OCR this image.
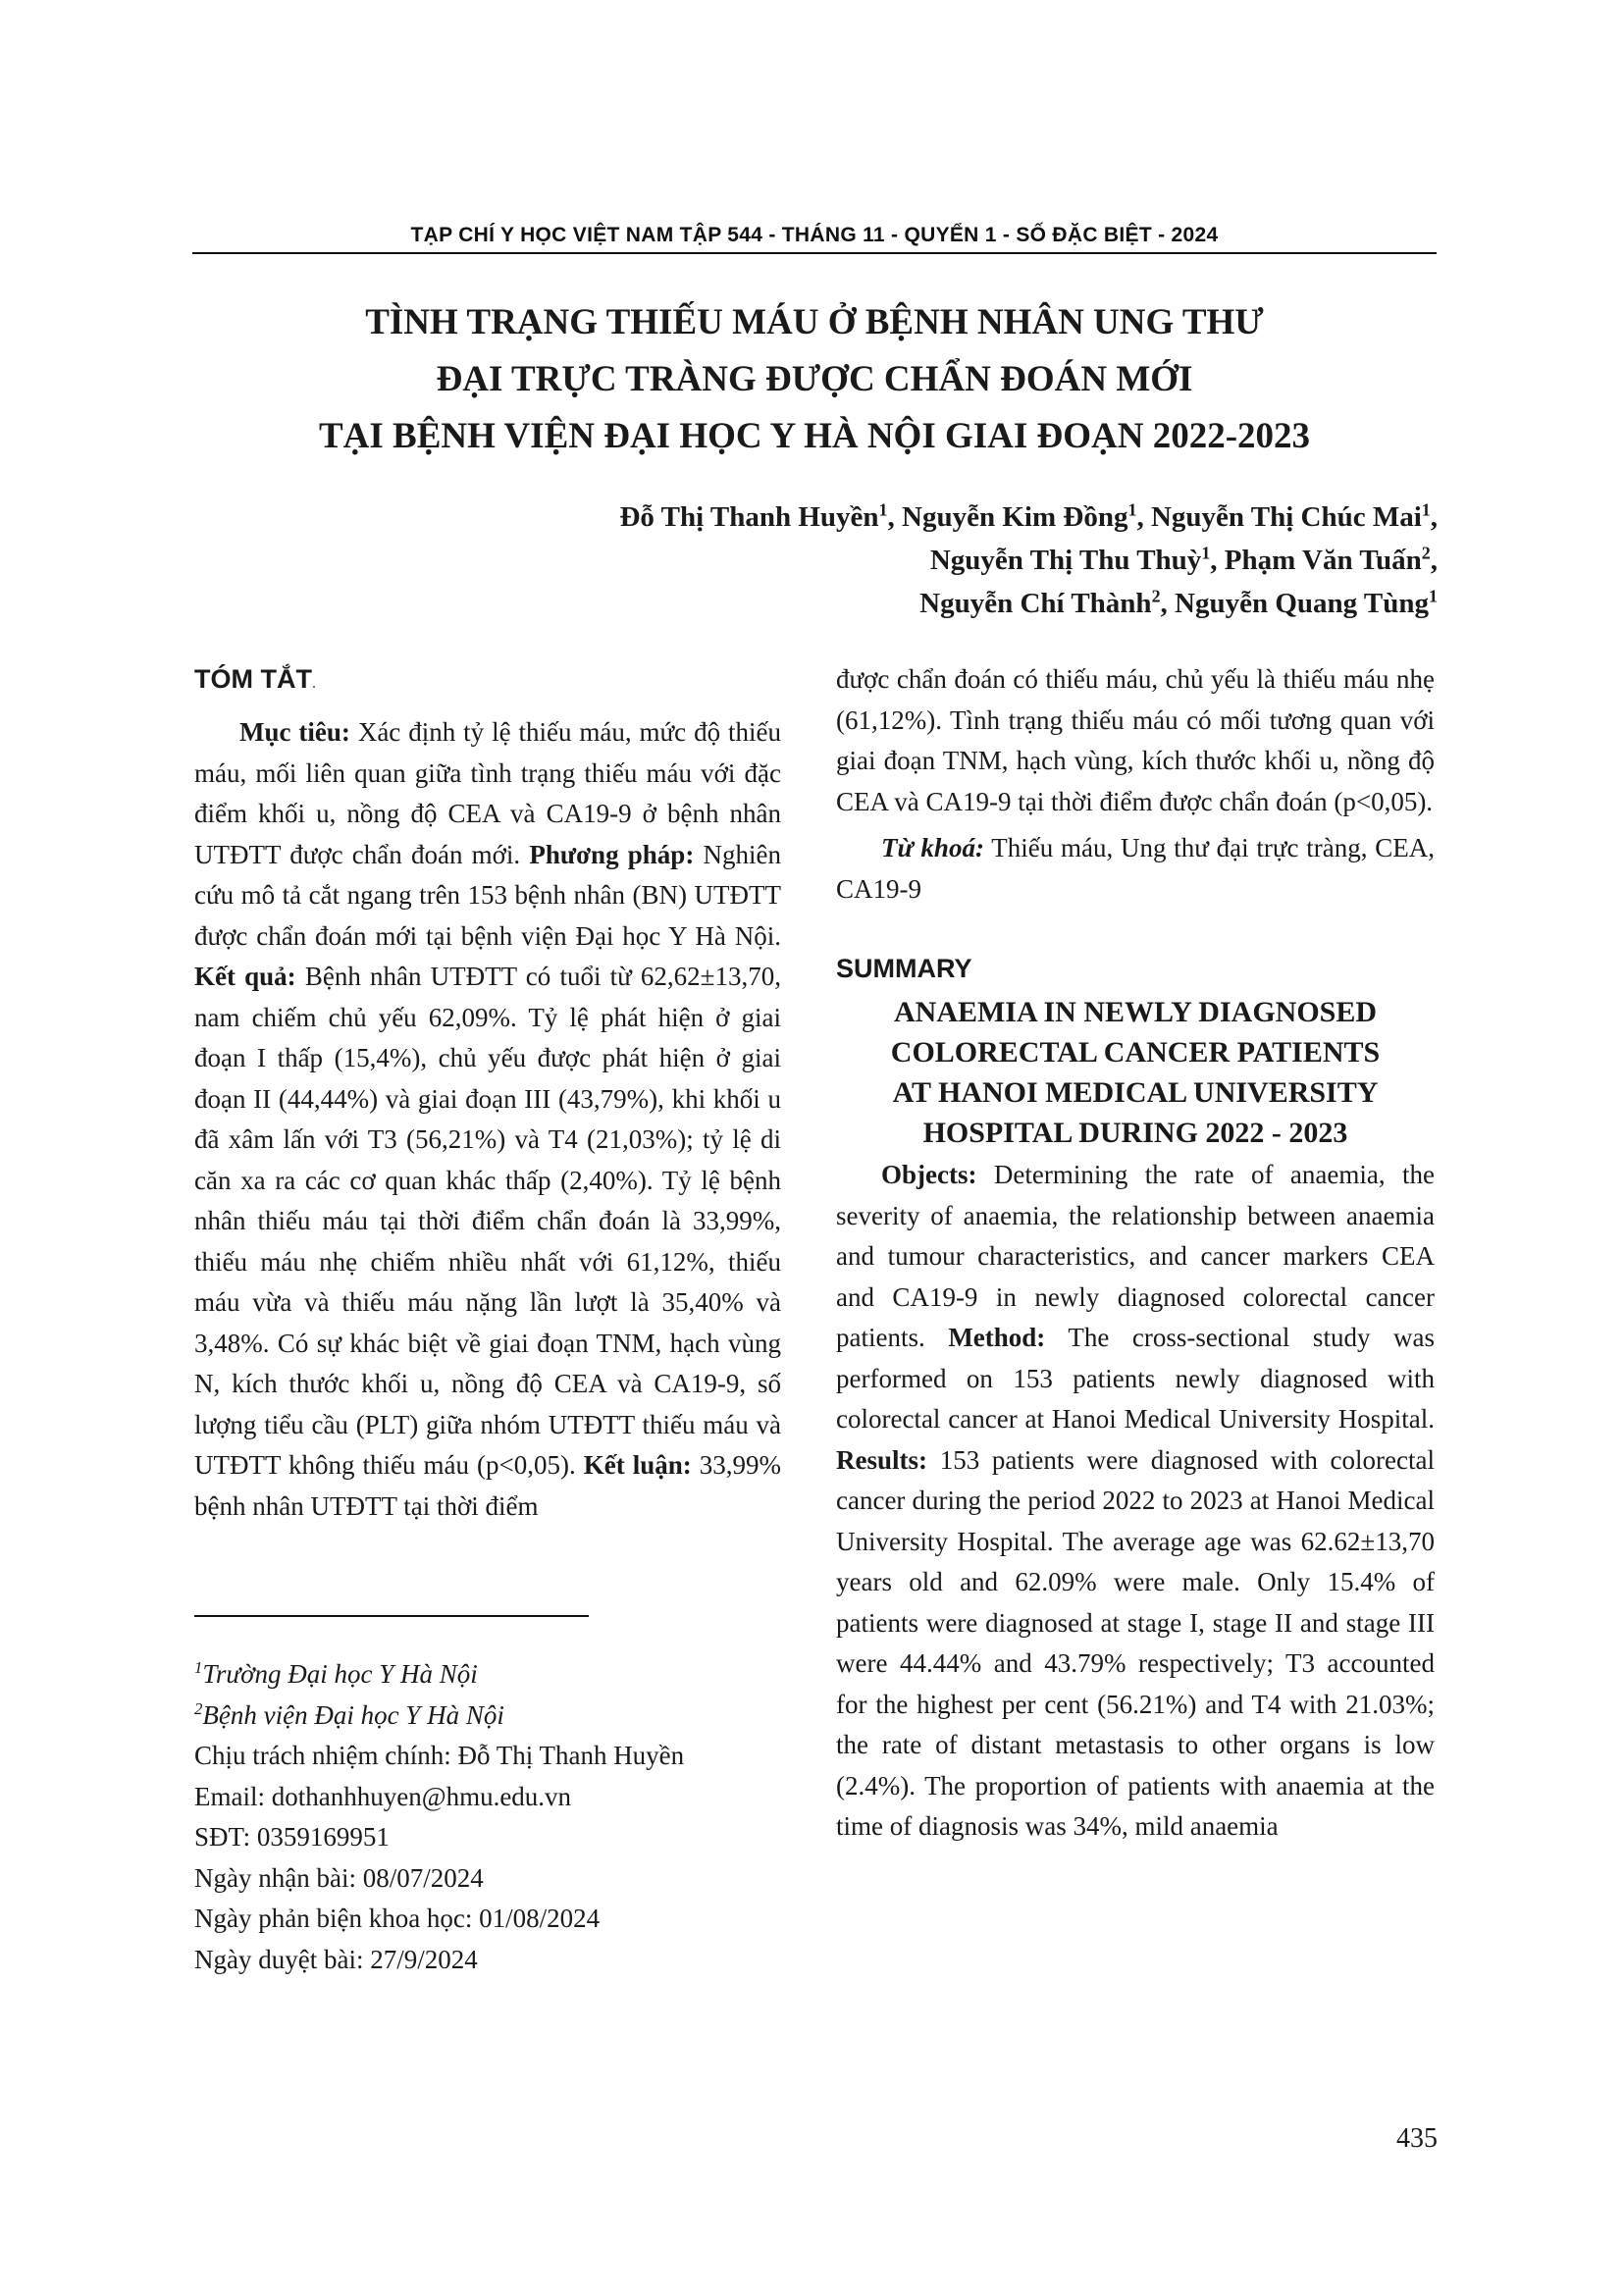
TẠP CHÍ Y HỌC VIỆT NAM TẬP 544 - THÁNG 11 - QUYỂN 1 - SỐ ĐẶC BIỆT - 2024
TÌNH TRẠNG THIẾU MÁU Ở BỆNH NHÂN UNG THƯ
ĐẠI TRỰC TRÀNG ĐƯỢC CHẨN ĐOÁN MỚI
TẠI BỆNH VIỆN ĐẠI HỌC Y HÀ NỘI GIAI ĐOẠN 2022-2023
Đỗ Thị Thanh Huyền$^1$, Nguyễn Kim Đồng$^1$, Nguyễn Thị Chúc Mai$^1$,
Nguyễn Thị Thu Thuỳ$^1$, Phạm Văn Tuấn$^2$,
Nguyễn Chí Thành$^2$, Nguyễn Quang Tùng$^1$
TÓM TẮT.

Mục tiêu: Xác định tỷ lệ thiếu máu, mức độ thiếu máu, mối liên quan giữa tình trạng thiếu máu với đặc điểm khối u, nồng độ CEA và CA19-9 ở bệnh nhân UTĐTT được chẩn đoán mới. Phương pháp: Nghiên cứu mô tả cắt ngang trên 153 bệnh nhân (BN) UTĐTT được chẩn đoán mới tại bệnh viện Đại học Y Hà Nội. Kết quả: Bệnh nhân UTĐTT có tuổi từ 62,62±13,70, nam chiếm chủ yếu 62,09%. Tỷ lệ phát hiện ở giai đoạn I thấp (15,4%), chủ yếu được phát hiện ở giai đoạn II (44,44%) và giai đoạn III (43,79%), khi khối u đã xâm lấn với T3 (56,21%) và T4 (21,03%); tỷ lệ di căn xa ra các cơ quan khác thấp (2,40%). Tỷ lệ bệnh nhân thiếu máu tại thời điểm chẩn đoán là 33,99%, thiếu máu nhẹ chiếm nhiều nhất với 61,12%, thiếu máu vừa và thiếu máu nặng lần lượt là 35,40% và 3,48%. Có sự khác biệt về giai đoạn TNM, hạch vùng N, kích thước khối u, nồng độ CEA và CA19-9, số lượng tiểu cầu (PLT) giữa nhóm UTĐTT thiếu máu và UTĐTT không thiếu máu (p<0,05). Kết luận: 33,99% bệnh nhân UTĐTT tại thời điểm

$^1$Trường Đại học Y Hà Nội
$^2$Bệnh viện Đại học Y Hà Nội
Chịu trách nhiệm chính: Đỗ Thị Thanh Huyền
Email: dothanhhuyen@hmu.edu.vn
SĐT: 0359169951
Ngày nhận bài: 08/07/2024
Ngày phản biện khoa học: 01/08/2024
Ngày duyệt bài: 27/9/2024

được chẩn đoán có thiếu máu, chủ yếu là thiếu máu nhẹ (61,12%). Tình trạng thiếu máu có mối tương quan với giai đoạn TNM, hạch vùng, kích thước khối u, nồng độ CEA và CA19-9 tại thời điểm được chẩn đoán (p<0,05).

Từ khoá: Thiếu máu, Ung thư đại trực tràng, CEA, CA19-9

SUMMARY
ANAEMIA IN NEWLY DIAGNOSED
COLORECTAL CANCER PATIENTS
AT HANOI MEDICAL UNIVERSITY
HOSPITAL DURING 2022 - 2023

Objects: Determining the rate of anaemia, the severity of anaemia, the relationship between anaemia and tumour characteristics, and cancer markers CEA and CA19-9 in newly diagnosed colorectal cancer patients. Method: The cross-sectional study was performed on 153 patients newly diagnosed with colorectal cancer at Hanoi Medical University Hospital. Results: 153 patients were diagnosed with colorectal cancer during the period 2022 to 2023 at Hanoi Medical University Hospital. The average age was 62.62±13,70 years old and 62.09% were male. Only 15.4% of patients were diagnosed at stage I, stage II and stage III were 44.44% and 43.79% respectively; T3 accounted for the highest per cent (56.21%) and T4 with 21.03%; the rate of distant metastasis to other organs is low (2.4%). The proportion of patients with anaemia at the time of diagnosis was 34%, mild anaemia

435
